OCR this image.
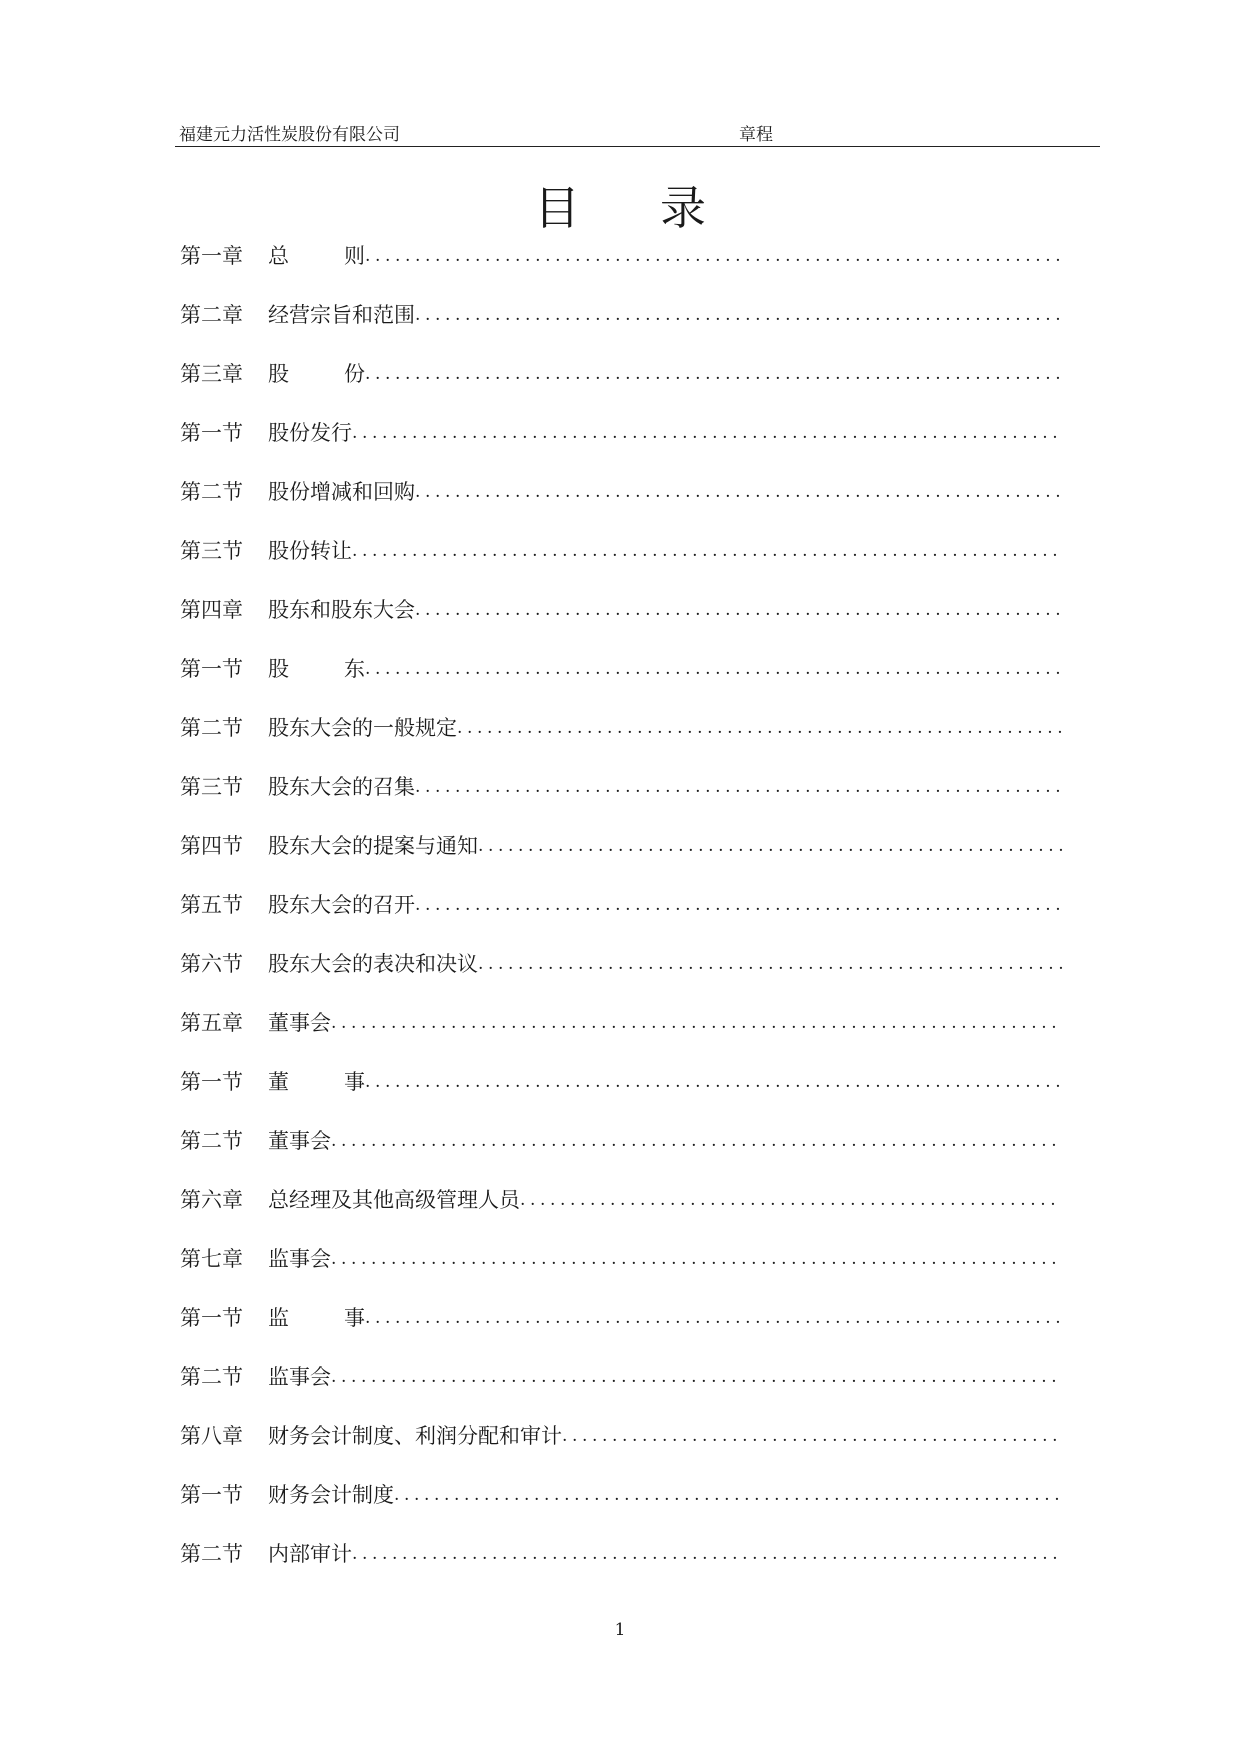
福建元力活性炭股份有限公司	章程
目 录
第一章 总	则......................................................................
第二章 经营宗旨和范围.................................................................
第三章 股	份......................................................................
第一节 股份发行.......................................................................
第二节 股份增减和回购.................................................................
第三节 股份转让.......................................................................
第四章 股东和股东大会.................................................................
第一节 股	东......................................................................
第二节 股东大会的一般规定.............................................................
第三节 股东大会的召集.................................................................
第四节 股东大会的提案与通知...........................................................
第五节 股东大会的召开.................................................................
第六节 股东大会的表决和决议...........................................................
第五章 董事会.........................................................................
第一节 董	事......................................................................
第二节 董事会.........................................................................
第六章 总经理及其他高级管理人员......................................................
第七章 监事会.........................................................................
第一节 监	事......................................................................
第二节 监事会.........................................................................
第八章 财务会计制度、利润分配和审计..................................................
第一节 财务会计制度...................................................................
第二节 内部审计.......................................................................
1
